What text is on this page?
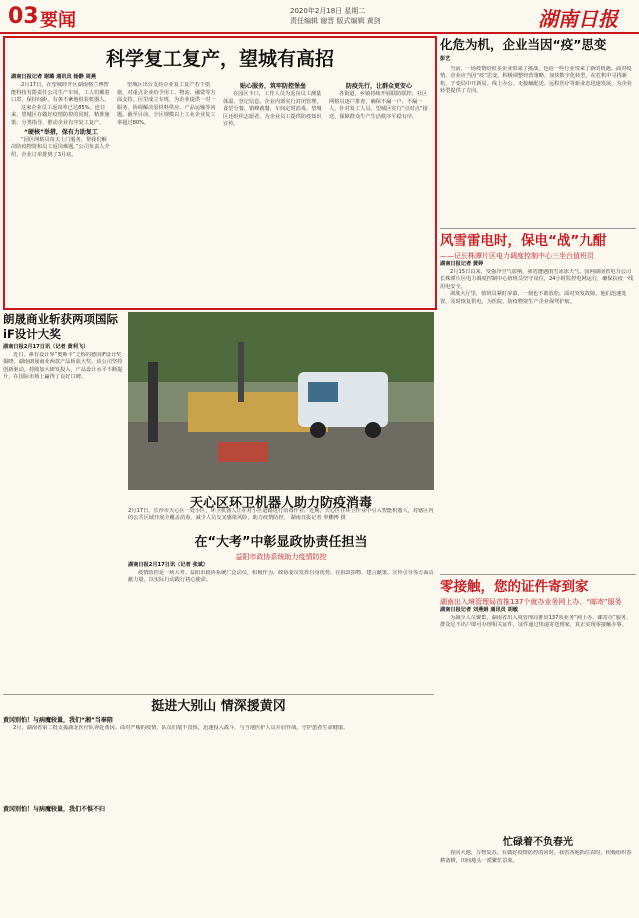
03 要闻	2020年2月18日 星期二
责任编辑 谢晋 版式编辑 黄剑	湖南日报
科学复工复产，望城有高招
湖南日报记者 谢璐 通讯员 杨静 周燕

2月17日，在望城经开区湖南格兰博智能科技有限责任公司生产车间，工人们戴着口罩、保持间距，有条不紊地组装机器人。

这家企业员工返岗率已达85%。连日来，望城区在做好疫情防控的同时，精准施策、分类指导，推动企业有序复工复产。

“硬核”举措，保有力助复工

“园区网格员每天上门服务，帮我们解决防疫物资和员工返岗难题。”公司负责人介绍，企业订单排到了3月底。

望城区出台支持企业复工复产若干措施，对重点企业给予用工、物流、融资等方面支持。区里成立专班，为企业提供一对一服务，协调解决原材料供应、产品运输等问题。截至目前，全区规模以上工业企业复工率超过80%。

贴心服务，筑牢防控堡垒

在园区卡口，工作人员为返岗员工测量体温、登记信息。企业内部实行封闭管理，食堂分餐、错峰就餐，车间定时消毒。望城区还组织志愿者，为企业员工提供防疫知识宣传。

防疫先行，让群众更安心

各街道、乡镇持续开展联防联控，社区网格员逐户排查，确保不漏一户、不漏一人。针对复工人员，望城区实行“点对点”接送，保障群众生产生活秩序平稳有序。

化危为机，企业当因“疫”思变
彭艺

当前，一场疫情给很多企业带来了挑战，也给一些行业带来了新的机遇。面对疫情，企业应当因“疫”思变，积极调整经营策略，加快数字化转型，在危机中寻找新机，于变局中开新局。线上办公、无接触配送、远程医疗等新业态迅速发展，为企业转型提供了方向。

风雪雷电时，保电“战”九酣
——记长株潭片区电力调度控制中心三坐台值班员
湖南日报记者 黄婷

2月15日以来，受强冷空气影响，我省遭遇雨雪冰冻天气。国网湖南省电力公司长株潭片区电力调度控制中心值班员坚守岗位，24小时监控电网运行，确保抗疫一线用电安全。

调度大厅里，值班员紧盯屏幕，一刻也不敢放松。面对突发故障，他们迅速处置，及时恢复供电，为医院、防疫物资生产企业保驾护航。

零接触，您的证件寄到家
湖南出入境管理局首推137个就办业务网上办、“邮寄”服务
湖南日报记者 刘燕娟 通讯员 胡敏

为减少人员聚集，湖南省出入境管理局推出137项业务“网上办、邮寄办”服务，群众足不出户即可办理相关证件，证件通过快递寄送到家，真正实现零接触办事。

朗晟商业斩获两项国际iF设计大奖
湖南日报2月17日讯（记者 黄利飞）

近日，素有设计界“奥斯卡”之称的德国iF设计奖揭晓，湖南朗晟商业两款产品斩获大奖。该公司坚持创新驱动，持续加大研发投入，产品设计水平不断提升，在国际市场上赢得了良好口碑。

天心区环卫机器人助力防疫消毒
2月17日，长沙市天心区一处小区，环卫机器人正在对小区道路进行消毒作业。近期，天心区在环卫作业中引入智能机器人，对辖区内的公共区域开展全覆盖消毒，减少人员交叉感染风险，助力疫情防控。 湖南日报记者 辜鹏博 摄
在“大考”中彰显政协责任担当
益阳市政协系统助力疫情防控
湖南日报2月17日讯（记者 张斌）

疫情防控是一场大考。益阳市政协系统广泛动员，积极作为，政协委员发挥自身优势，在捐款捐物、建言献策、宣传引导等方面贡献力量，以实际行动践行初心使命。

挺进大别山 情深援黄冈
黄冈别怕！与病魔较量，我们“湘”当奉陪

2月，湖南省第二批支援湖北医疗队奔赴黄冈。面对严峻的疫情，队员们毫不畏惧，迅速投入战斗，与当地医护人员并肩作战，守护患者生命健康。

黄冈别怕！与病魔较量，我们不惧不归
忙碌着不负春光

春回大地，万物复苏。在做好疫情防控的同时，我省各地抓住农时，积极组织春耕备耕，田间地头一派繁忙景象。
